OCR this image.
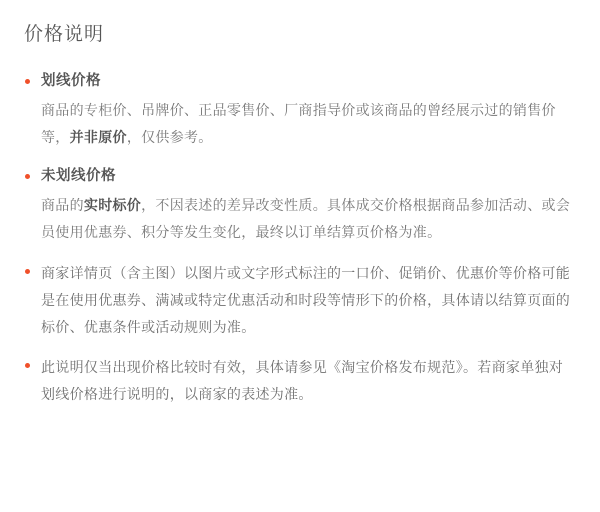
价格说明
划线价格
商品的专柜价、吊牌价、正品零售价、厂商指导价或该商品的曾经展示过的销售价等，并非原价，仅供参考。
未划线价格
商品的实时标价，不因表述的差异改变性质。具体成交价格根据商品参加活动、或会员使用优惠券、积分等发生变化，最终以订单结算页价格为准。
商家详情页（含主图）以图片或文字形式标注的一口价、促销价、优惠价等价格可能是在使用优惠券、满减或特定优惠活动和时段等情形下的价格，具体请以结算页面的标价、优惠条件或活动规则为准。
此说明仅当出现价格比较时有效，具体请参见《淘宝价格发布规范》。若商家单独对划线价格进行说明的，以商家的表述为准。
